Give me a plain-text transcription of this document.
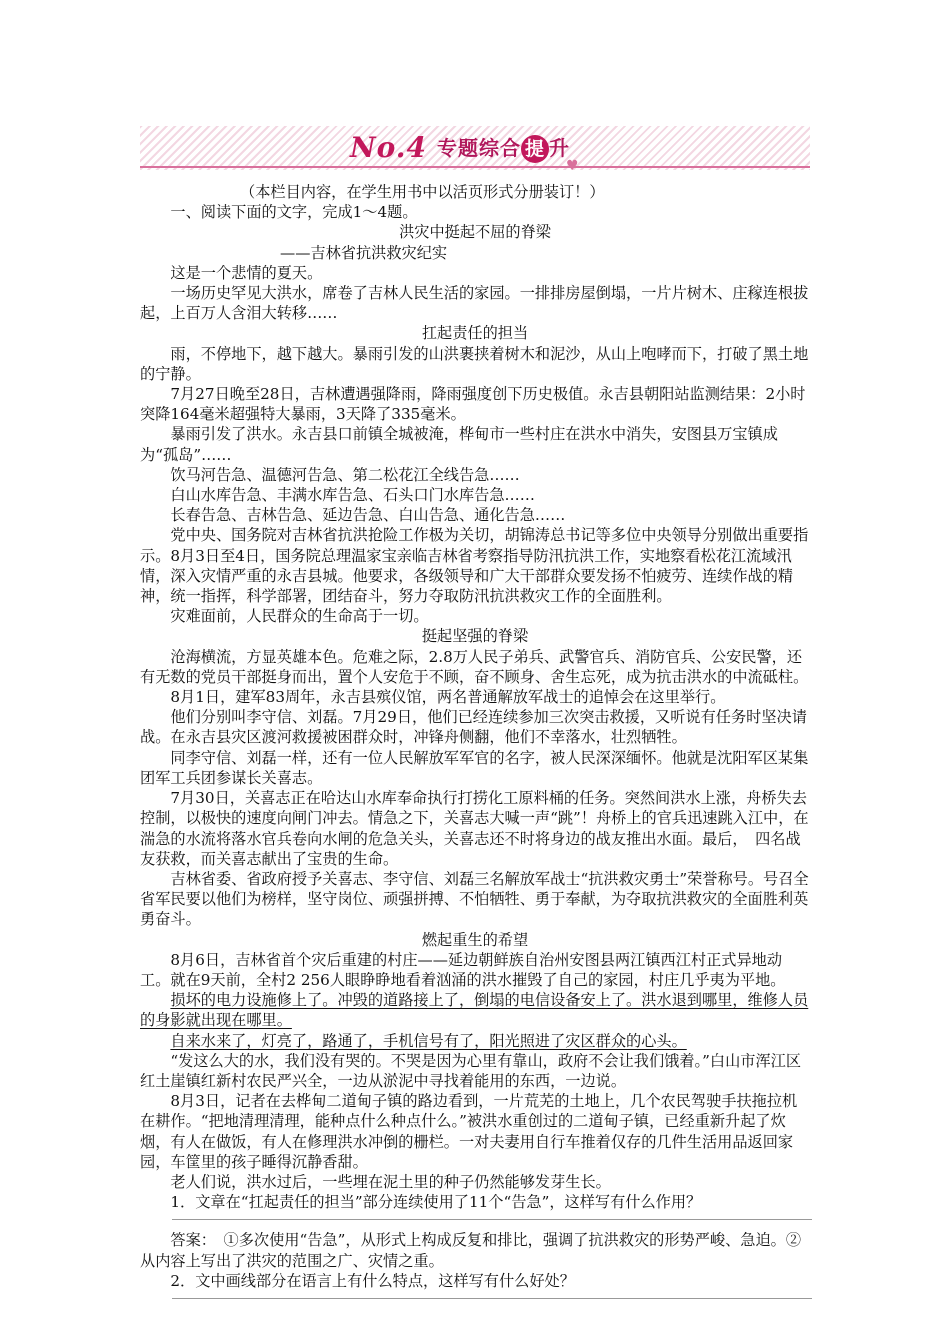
♥
No.4 专题综合 提 升

（本栏目内容，在学生用书中以活页形式分册装订！）

一、阅读下面的文字，完成1～4题。

洪灾中挺起不屈的脊梁

——吉林省抗洪救灾纪实

这是一个悲情的夏天。

一场历史罕见大洪水，席卷了吉林人民生活的家园。一排排房屋倒塌，一片片树木、庄稼连根拔起，上百万人含泪大转移……

扛起责任的担当

雨，不停地下，越下越大。暴雨引发的山洪裹挟着树木和泥沙，从山上咆哮而下，打破了黑土地的宁静。

7月27日晚至28日，吉林遭遇强降雨，降雨强度创下历史极值。永吉县朝阳站监测结果：2小时突降164毫米超强特大暴雨，3天降了335毫米。

暴雨引发了洪水。永吉县口前镇全城被淹，桦甸市一些村庄在洪水中消失，安图县万宝镇成为“孤岛”……

饮马河告急、温德河告急、第二松花江全线告急……

白山水库告急、丰满水库告急、石头口门水库告急……

长春告急、吉林告急、延边告急、白山告急、通化告急……

党中央、国务院对吉林省抗洪抢险工作极为关切，胡锦涛总书记等多位中央领导分别做出重要指示。8月3日至4日，国务院总理温家宝亲临吉林省考察指导防汛抗洪工作，实地察看松花江流域汛情，深入灾情严重的永吉县城。他要求，各级领导和广大干部群众要发扬不怕疲劳、连续作战的精神，统一指挥，科学部署，团结奋斗，努力夺取防汛抗洪救灾工作的全面胜利。

灾难面前，人民群众的生命高于一切。

挺起坚强的脊梁

沧海横流，方显英雄本色。危难之际，2.8万人民子弟兵、武警官兵、消防官兵、公安民警，还有无数的党员干部挺身而出，置个人安危于不顾，奋不顾身、舍生忘死，成为抗击洪水的中流砥柱。

8月1日，建军83周年，永吉县殡仪馆，两名普通解放军战士的追悼会在这里举行。

他们分别叫李守信、刘磊。7月29日，他们已经连续参加三次突击救援，又听说有任务时坚决请战。在永吉县灾区渡河救援被困群众时，冲锋舟侧翻，他们不幸落水，壮烈牺牲。

同李守信、刘磊一样，还有一位人民解放军军官的名字，被人民深深缅怀。他就是沈阳军区某集团军工兵团参谋长关喜志。

7月30日，关喜志正在哈达山水库奉命执行打捞化工原料桶的任务。突然间洪水上涨，舟桥失去控制，以极快的速度向闸门冲去。情急之下，关喜志大喊一声“跳”！舟桥上的官兵迅速跳入江中，在湍急的水流将落水官兵卷向水闸的危急关头，关喜志还不时将身边的战友推出水面。最后，　四名战友获救，而关喜志献出了宝贵的生命。

吉林省委、省政府授予关喜志、李守信、刘磊三名解放军战士“抗洪救灾勇士”荣誉称号。号召全省军民要以他们为榜样，坚守岗位、顽强拼搏、不怕牺牲、勇于奉献，为夺取抗洪救灾的全面胜利英勇奋斗。

燃起重生的希望

8月6日，吉林省首个灾后重建的村庄——延边朝鲜族自治州安图县两江镇西江村正式异地动工。就在9天前，全村2 256人眼睁睁地看着汹涌的洪水摧毁了自己的家园，村庄几乎夷为平地。

损坏的电力设施修上了。冲毁的道路接上了，倒塌的电信设备安上了。洪水退到哪里，维修人员的身影就出现在哪里。

自来水来了，灯亮了，路通了，手机信号有了，阳光照进了灾区群众的心头。

“发这么大的水，我们没有哭的。不哭是因为心里有靠山，政府不会让我们饿着。”白山市浑江区红土崖镇红新村农民严兴全，一边从淤泥中寻找着能用的东西，一边说。

8月3日，记者在去桦甸二道甸子镇的路边看到，一片荒芜的土地上，几个农民驾驶手扶拖拉机在耕作。“把地清理清理，能种点什么种点什么。”被洪水重创过的二道甸子镇，已经重新升起了炊烟，有人在做饭，有人在修理洪水冲倒的栅栏。一对夫妻用自行车推着仅存的几件生活用品返回家园，车筐里的孩子睡得沉静香甜。

老人们说，洪水过后，一些埋在泥土里的种子仍然能够发芽生长。

1．文章在“扛起责任的担当”部分连续使用了11个“告急”，这样写有什么作用？

答案：　①多次使用“告急”，从形式上构成反复和排比，强调了抗洪救灾的形势严峻、急迫。②从内容上写出了洪灾的范围之广、灾情之重。

2．文中画线部分在语言上有什么特点，这样写有什么好处？
